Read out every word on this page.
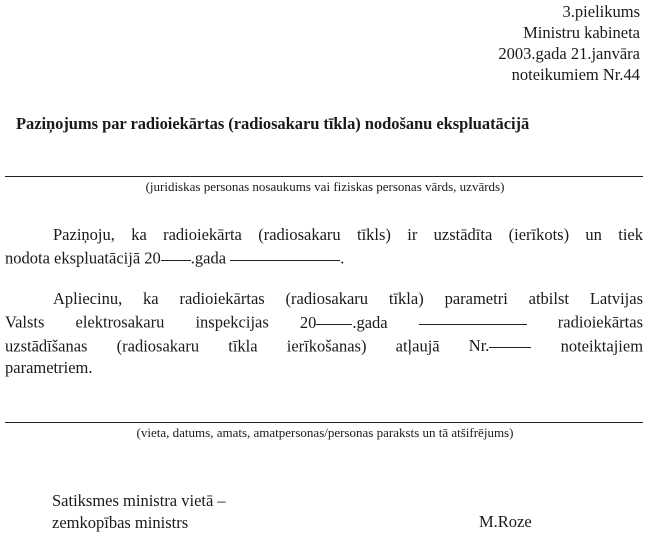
3.pielikums
Ministru kabineta
2003.gada 21.janvāra
noteikumiem Nr.44
Paziņojums par radioiekārtas (radiosakaru tīkla) nodošanu ekspluatācijā
(juridiskas personas nosaukums vai fiziskas personas vārds, uzvārds)
Paziņoju, ka radioiekārta (radiosakaru tīkls) ir uzstādīta (ierīkots) un tiek
nodota ekspluatācijā 20 .gada	.
Apliecinu, ka radioiekārtas (radiosakaru tīkla) parametri atbilst Latvijas
Valsts elektrosakaru inspekcijas 20 .gada	radioiekārtas
uzstādīšanas (radiosakaru tīkla ierīkošanas) atļaujā Nr.	noteiktajiem
parametriem.
(vieta, datums, amats, amatpersonas/personas paraksts un tā atšifrējums)
Satiksmes ministra vietā –
zemkopības ministrs	M.Roze
